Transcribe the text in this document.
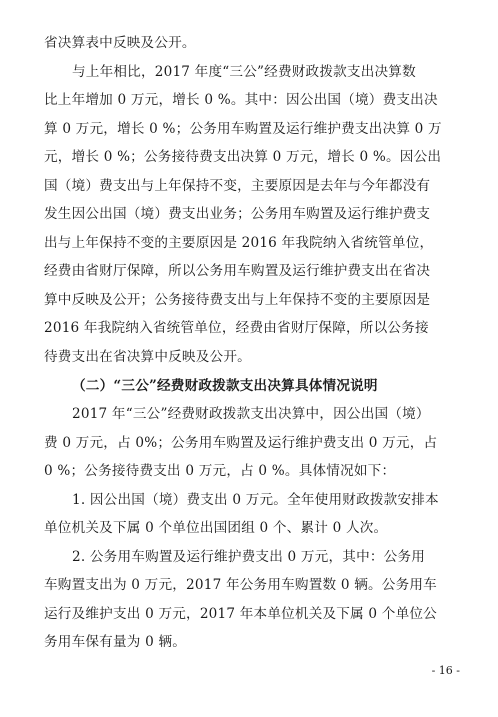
省决算表中反映及公开。
与上年相比，2017 年度“三公”经费财政拨款支出决算数
比上年增加 0 万元，增长 0 %。其中：因公出国（境）费支出决
算 0 万元，增长 0 %；公务用车购置及运行维护费支出决算 0 万
元，增长 0 %；公务接待费支出决算 0 万元，增长 0 %。因公出
国（境）费支出与上年保持不变，主要原因是去年与今年都没有
发生因公出国（境）费支出业务；公务用车购置及运行维护费支
出与上年保持不变的主要原因是 2016 年我院纳入省统管单位，
经费由省财厅保障，所以公务用车购置及运行维护费支出在省决
算中反映及公开；公务接待费支出与上年保持不变的主要原因是
2016 年我院纳入省统管单位，经费由省财厅保障，所以公务接
待费支出在省决算中反映及公开。
（二）“三公”经费财政拨款支出决算具体情况说明
2017 年“三公”经费财政拨款支出决算中，因公出国（境）
费 0 万元，占 0%；公务用车购置及运行维护费支出 0 万元，占
0 %；公务接待费支出 0 万元，占 0 %。具体情况如下：
1. 因公出国（境）费支出 0 万元。全年使用财政拨款安排本
单位机关及下属 0 个单位出国团组 0 个、累计 0 人次。
2. 公务用车购置及运行维护费支出 0 万元，其中：公务用
车购置支出为 0 万元，2017 年公务用车购置数 0 辆。公务用车
运行及维护支出 0 万元，2017 年本单位机关及下属 0 个单位公
务用车保有量为 0 辆。
- 16 -
